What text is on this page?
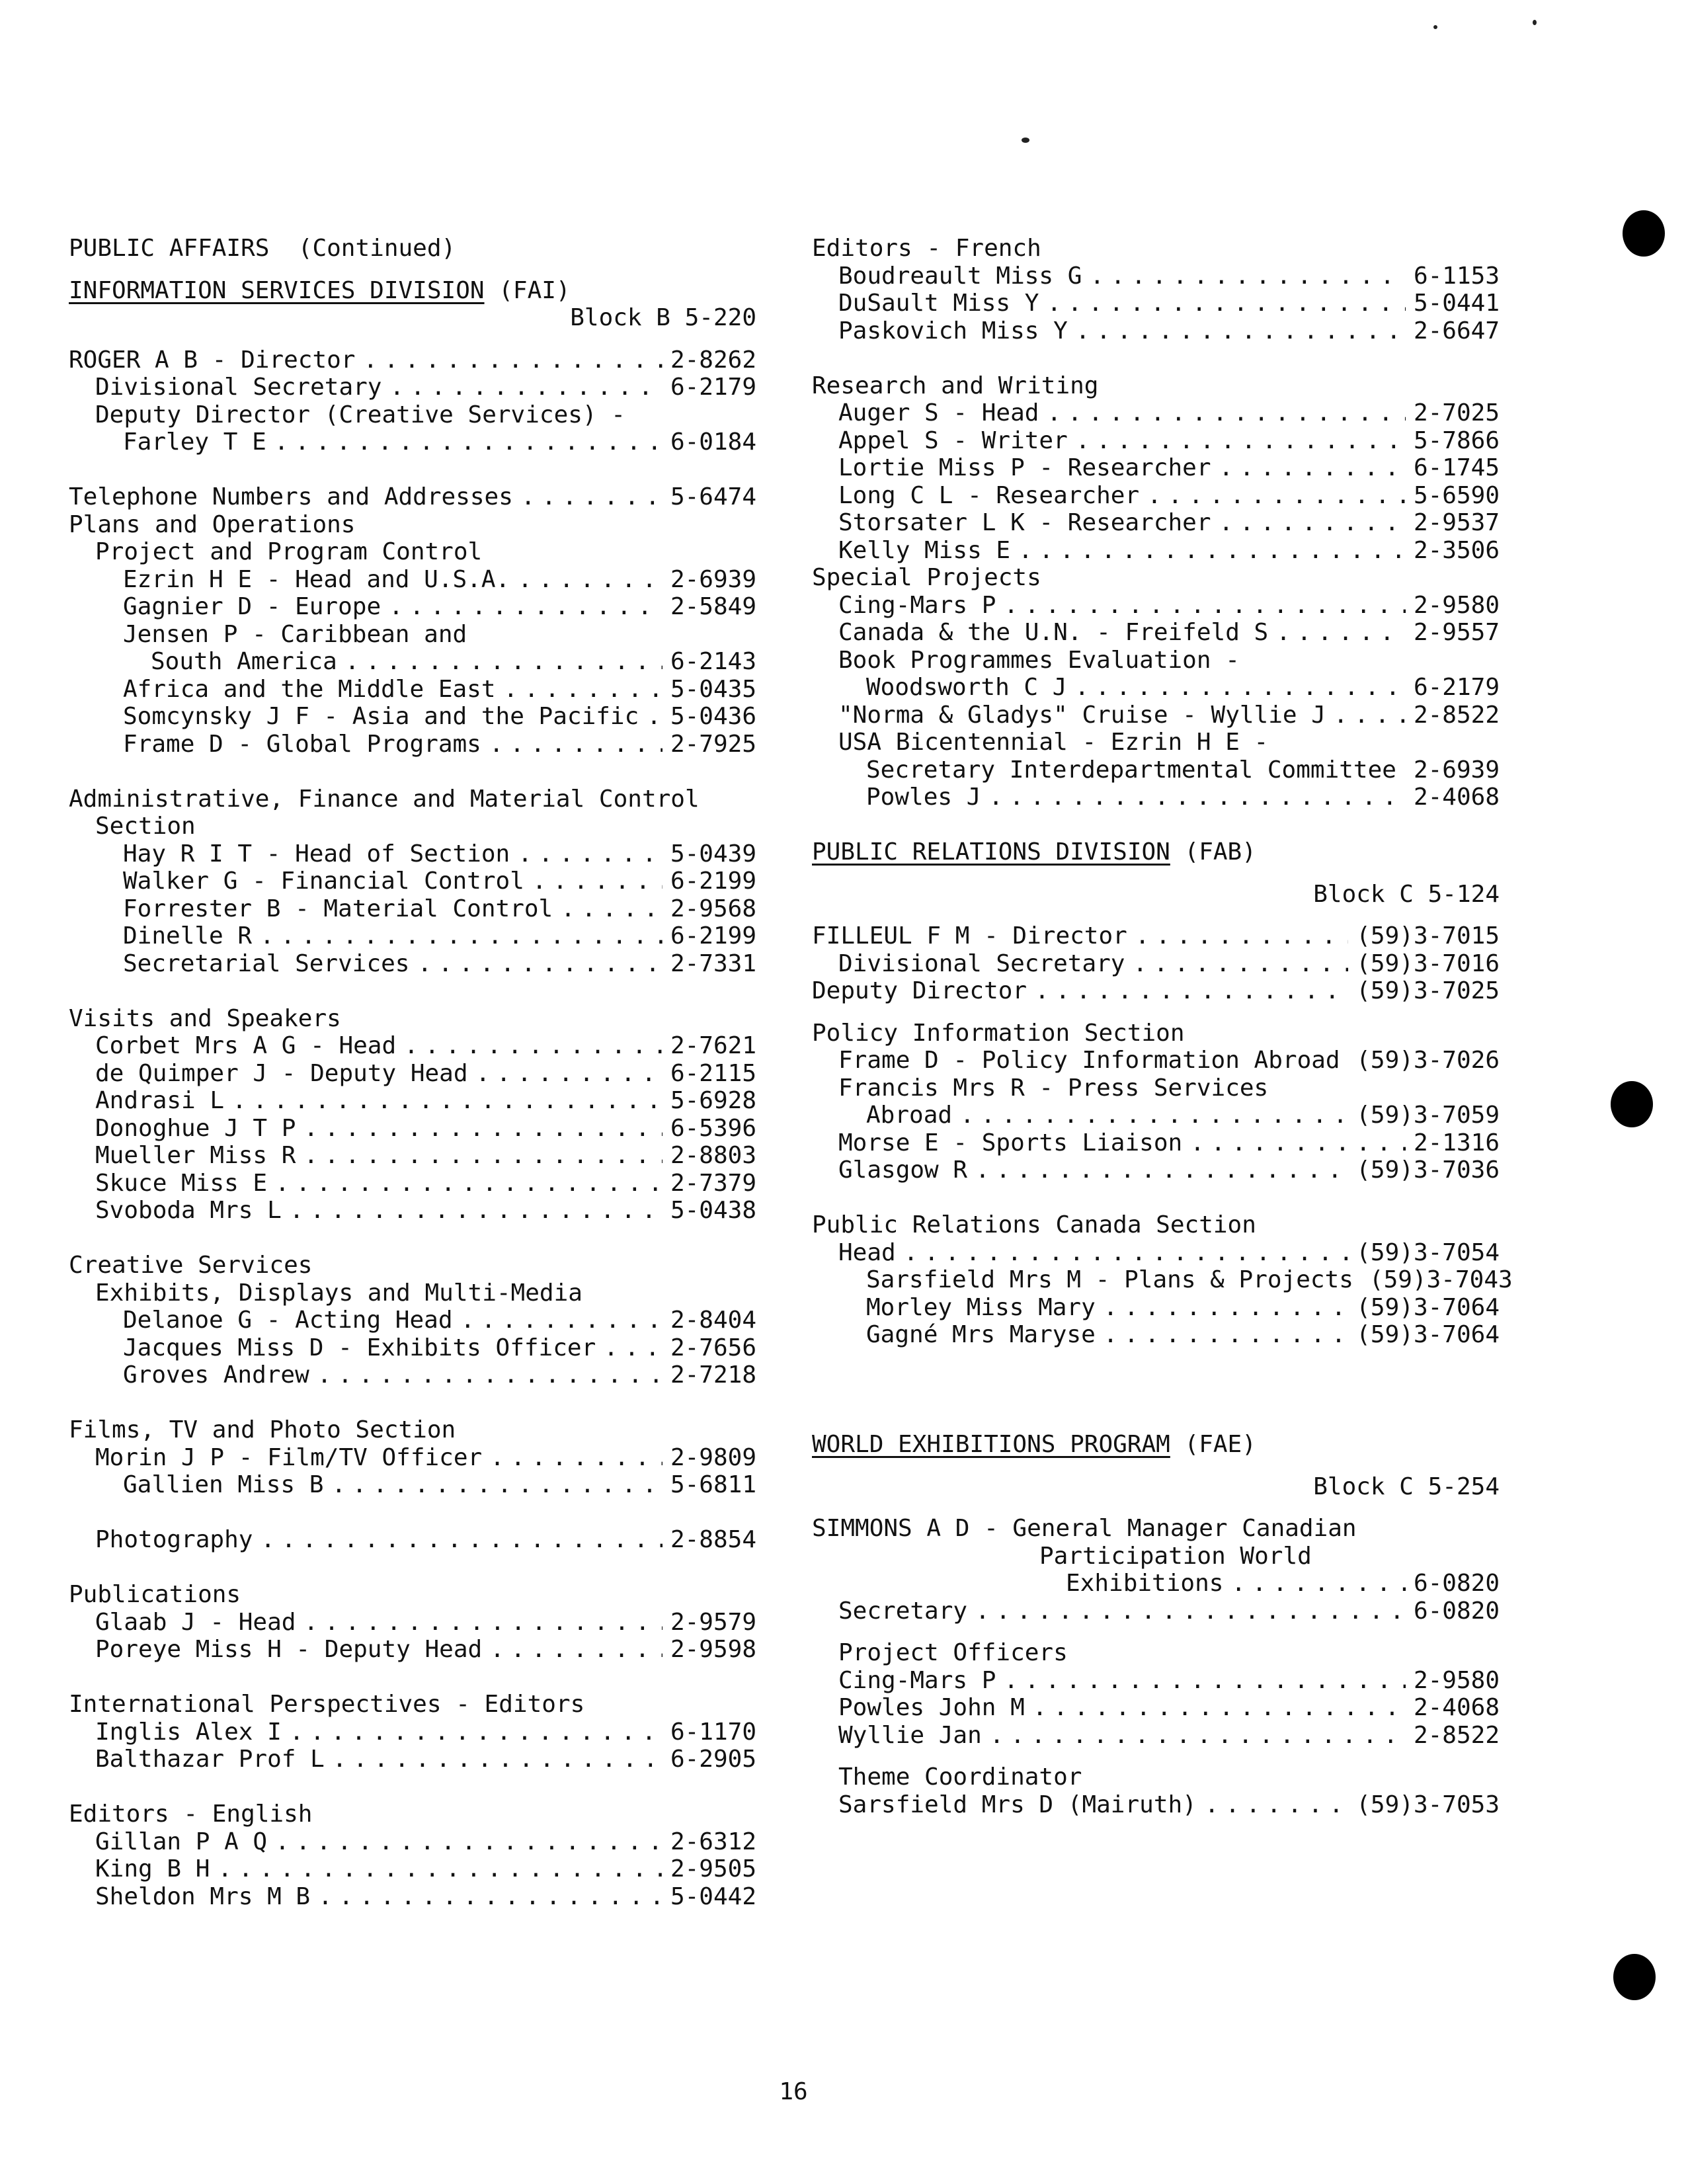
PUBLIC AFFAIRS  (Continued)
INFORMATION SERVICES DIVISION (FAI)
Block B 5-220
ROGER A B - Director . . .	2-8262
Divisional Secretary . . .	6-2179
Deputy Director (Creative Services) -
Farley T E . . .	6-0184
Telephone Numbers and Addresses . . .	5-6474
Plans and Operations
Project and Program Control
Ezrin H E - Head and U.S.A. . . .	2-6939
Gagnier D - Europe . . .	2-5849
Jensen P - Caribbean and
South America . . .	6-2143
Africa and the Middle East . . .	5-0435
Somcynsky J F - Asia and the Pacific . . . 5-0436
Frame D - Global Programs . . .	2-7925
Administrative, Finance and Material Control
Section
Hay R I T - Head of Section . . .	5-0439
Walker G - Financial Control . . .	6-2199
Forrester B - Material Control . . .	2-9568
Dinelle R . . .	6-2199
Secretarial Services . . .	2-7331
Visits and Speakers
Corbet Mrs A G - Head . . .	2-7621
de Quimper J - Deputy Head . . .	6-2115
Andrasi L . . .	5-6928
Donoghue J T P . . .	6-5396
Mueller Miss R . . .	2-8803
Skuce Miss E . . .	2-7379
Svoboda Mrs L . . .	5-0438
Creative Services
Exhibits, Displays and Multi-Media
Delanoe G - Acting Head . . .	2-8404
Jacques Miss D - Exhibits Officer . . .	2-7656
Groves Andrew . . .	2-7218
Films, TV and Photo Section
Morin J P - Film/TV Officer . . .	2-9809
Gallien Miss B . . .	5-6811
Photography . . .	2-8854
Publications
Glaab J - Head . . .	2-9579
Poreye Miss H - Deputy Head . . .	2-9598
International Perspectives - Editors
Inglis Alex I . . .	6-1170
Balthazar Prof L . . .	6-2905
Editors - English
Gillan P A Q . . .	2-6312
King B H . . .	2-9505
Sheldon Mrs M B . . .	5-0442
Editors - French
Boudreault Miss G . . .	6-1153
DuSault Miss Y . . .	5-0441
Paskovich Miss Y . . .	2-6647
Research and Writing
Auger S - Head . . .	2-7025
Appel S - Writer . . .	5-7866
Lortie Miss P - Researcher . . .	6-1745
Long C L - Researcher . . .	5-6590
Storsater L K - Researcher . . .	2-9537
Kelly Miss E . . .	2-3506
Special Projects
Cing-Mars P . . .	2-9580
Canada & the U.N. - Freifeld S . . .	2-9557
Book Programmes Evaluation -
Woodsworth C J . . .	6-2179
"Norma & Gladys" Cruise - Wyllie J . . .	2-8522
USA Bicentennial - Ezrin H E -
Secretary Interdepartmental Committee . . . 2-6939
Powles J . . .	2-4068
PUBLIC RELATIONS DIVISION (FAB)
Block C 5-124
FILLEUL F M - Director . . .	(59)3-7015
Divisional Secretary . . .	(59)3-7016
Deputy Director . . .	(59)3-7025
Policy Information Section
Frame D - Policy Information Abroad . . . (59)3-7026
Francis Mrs R - Press Services
Abroad . . .	(59)3-7059
Morse E - Sports Liaison . . .	2-1316
Glasgow R . . .	(59)3-7036
Public Relations Canada Section
Head . . .	(59)3-7054
Sarsfield Mrs M - Plans & Projects (59)3-7043
Morley Miss Mary . . .	(59)3-7064
Gagné Mrs Maryse . . .	(59)3-7064
WORLD EXHIBITIONS PROGRAM (FAE)
Block C 5-254
SIMMONS A D - General Manager Canadian
Participation World
Exhibitions . . .	6-0820
Secretary . . .	6-0820
Project Officers
Cing-Mars P . . .	2-9580
Powles John M . . .	2-4068
Wyllie Jan . . .	2-8522
Theme Coordinator
Sarsfield Mrs D (Mairuth) . . .	(59)3-7053
16
